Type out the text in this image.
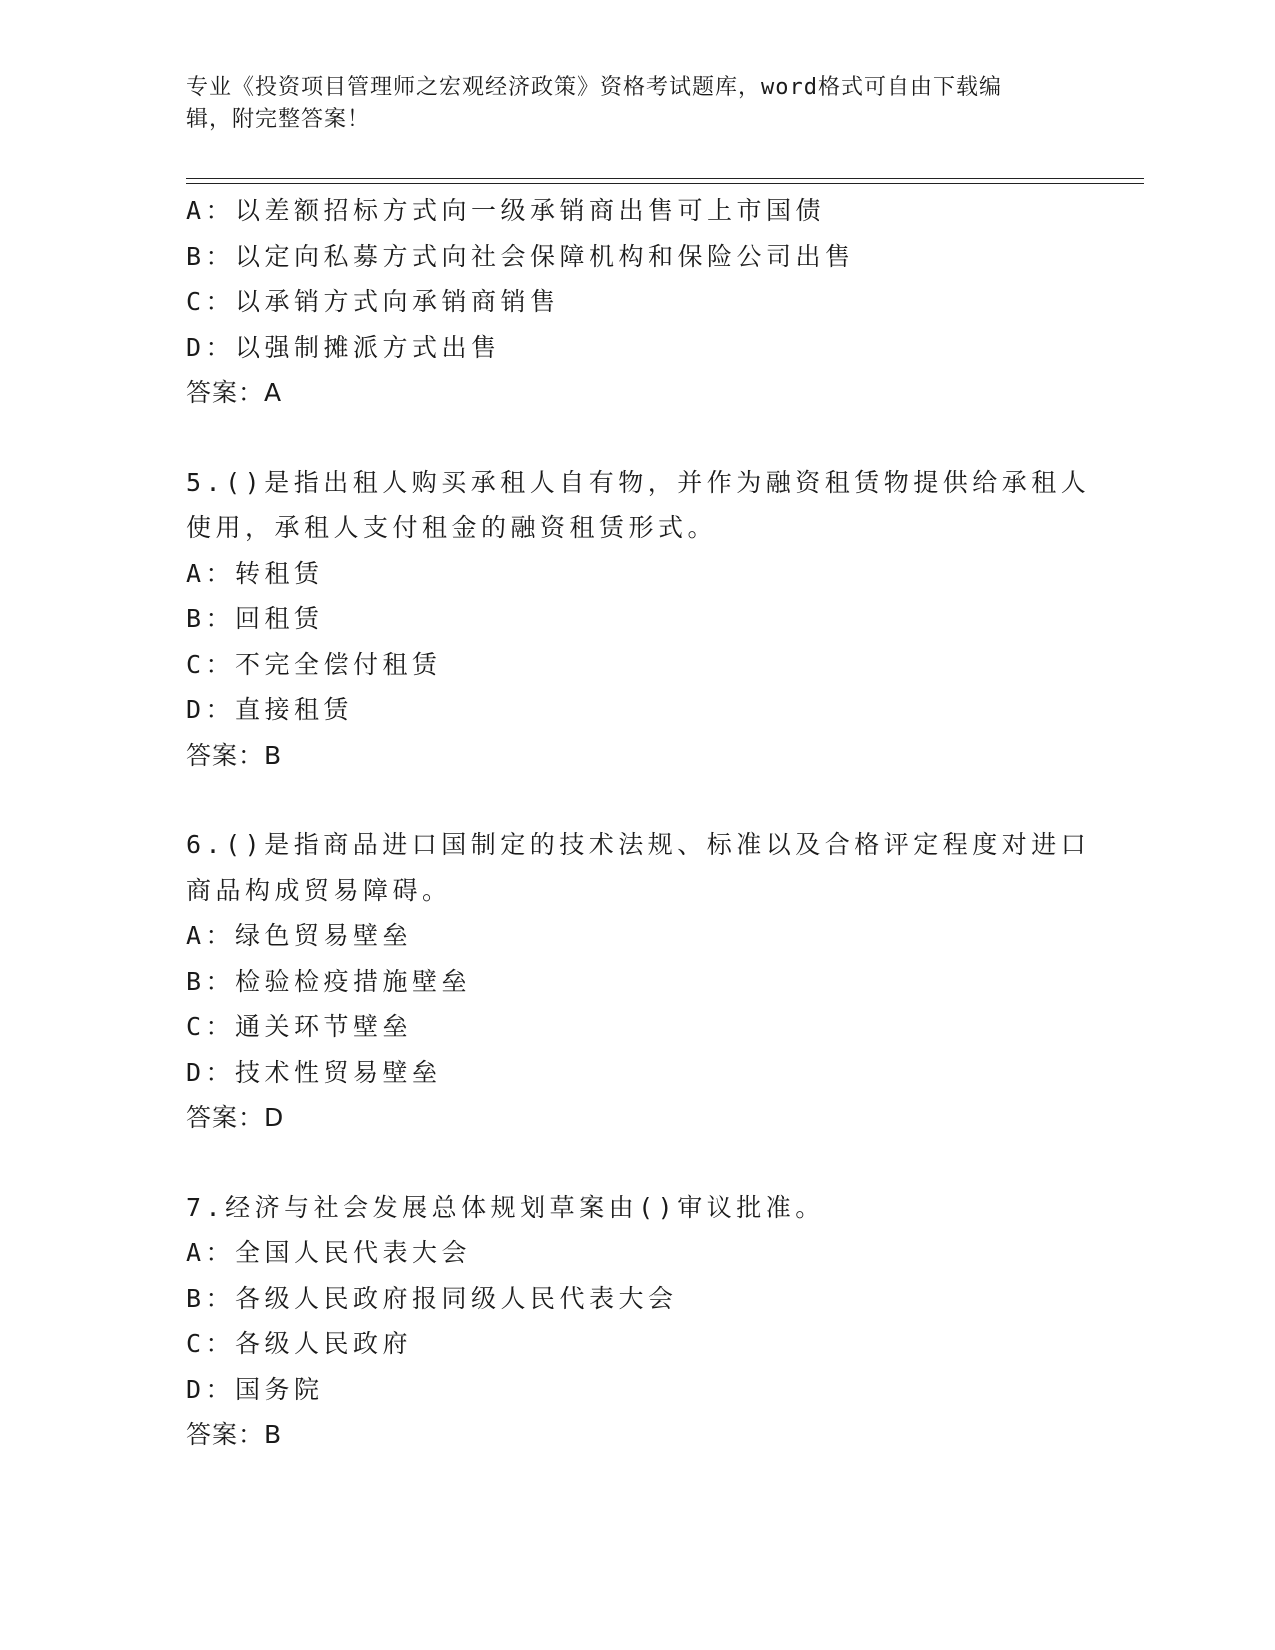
专业《投资项目管理师之宏观经济政策》资格考试题库，word格式可自由下载编
辑，附完整答案！
A：以差额招标方式向一级承销商出售可上市国债
B：以定向私募方式向社会保障机构和保险公司出售
C：以承销方式向承销商销售
D：以强制摊派方式出售
答案：A
5.()是指出租人购买承租人自有物，并作为融资租赁物提供给承租人
使用，承租人支付租金的融资租赁形式。
A：转租赁
B：回租赁
C：不完全偿付租赁
D：直接租赁
答案：B
6.()是指商品进口国制定的技术法规、标准以及合格评定程度对进口
商品构成贸易障碍。
A：绿色贸易壁垒
B：检验检疫措施壁垒
C：通关环节壁垒
D：技术性贸易壁垒
答案：D
7.经济与社会发展总体规划草案由()审议批准。
A：全国人民代表大会
B：各级人民政府报同级人民代表大会
C：各级人民政府
D：国务院
答案：B
